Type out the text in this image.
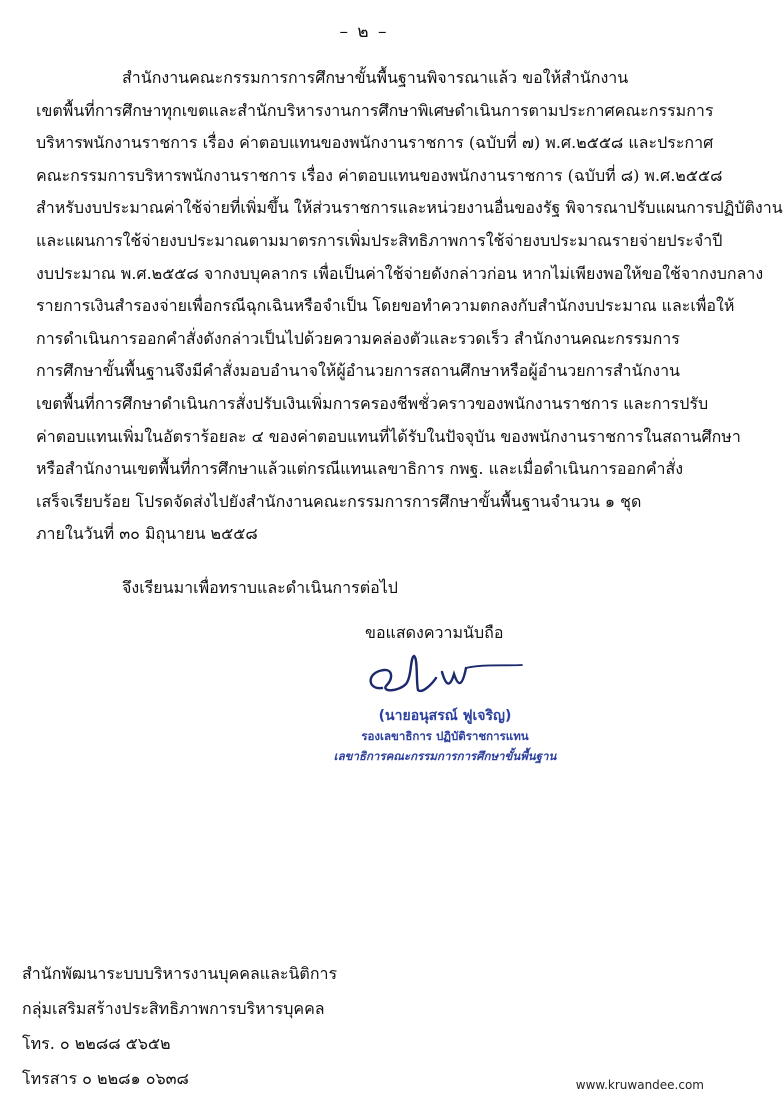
– ๒ –
สำนักงานคณะกรรมการการศึกษาขั้นพื้นฐานพิจารณาแล้ว ขอให้สำนักงาน
เขตพื้นที่การศึกษาทุกเขตและสำนักบริหารงานการศึกษาพิเศษดำเนินการตามประกาศคณะกรรมการ
บริหารพนักงานราชการ เรื่อง ค่าตอบแทนของพนักงานราชการ (ฉบับที่ ๗) พ.ศ.๒๕๕๘ และประกาศ
คณะกรรมการบริหารพนักงานราชการ เรื่อง ค่าตอบแทนของพนักงานราชการ (ฉบับที่ ๘) พ.ศ.๒๕๕๘
สำหรับงบประมาณค่าใช้จ่ายที่เพิ่มขึ้น ให้ส่วนราชการและหน่วยงานอื่นของรัฐ พิจารณาปรับแผนการปฏิบัติงาน
และแผนการใช้จ่ายงบประมาณตามมาตรการเพิ่มประสิทธิภาพการใช้จ่ายงบประมาณรายจ่ายประจำปี
งบประมาณ พ.ศ.๒๕๕๘ จากงบบุคลากร เพื่อเป็นค่าใช้จ่ายดังกล่าวก่อน หากไม่เพียงพอให้ขอใช้จากงบกลาง
รายการเงินสำรองจ่ายเพื่อกรณีฉุกเฉินหรือจำเป็น โดยขอทำความตกลงกับสำนักงบประมาณ และเพื่อให้
การดำเนินการออกคำสั่งดังกล่าวเป็นไปด้วยความคล่องตัวและรวดเร็ว สำนักงานคณะกรรมการ
การศึกษาขั้นพื้นฐานจึงมีคำสั่งมอบอำนาจให้ผู้อำนวยการสถานศึกษาหรือผู้อำนวยการสำนักงาน
เขตพื้นที่การศึกษาดำเนินการสั่งปรับเงินเพิ่มการครองชีพชั่วคราวของพนักงานราชการ และการปรับ
ค่าตอบแทนเพิ่มในอัตราร้อยละ ๔ ของค่าตอบแทนที่ได้รับในปัจจุบัน ของพนักงานราชการในสถานศึกษา
หรือสำนักงานเขตพื้นที่การศึกษาแล้วแต่กรณีแทนเลขาธิการ กพฐ. และเมื่อดำเนินการออกคำสั่ง
เสร็จเรียบร้อย โปรดจัดส่งไปยังสำนักงานคณะกรรมการการศึกษาขั้นพื้นฐานจำนวน ๑ ชุด
ภายในวันที่ ๓๐ มิถุนายน ๒๕๕๘
จึงเรียนมาเพื่อทราบและดำเนินการต่อไป
ขอแสดงความนับถือ
(นายอนุสรณ์ ฟูเจริญ)
รองเลขาธิการ ปฏิบัติราชการแทน
เลขาธิการคณะกรรมการการศึกษาขั้นพื้นฐาน
สำนักพัฒนาระบบบริหารงานบุคคลและนิติการ
กลุ่มเสริมสร้างประสิทธิภาพการบริหารบุคคล
โทร. ๐ ๒๒๘๘ ๕๖๕๒
โทรสาร ๐ ๒๒๘๑ ๐๖๓๘	www.kruwandee.com
